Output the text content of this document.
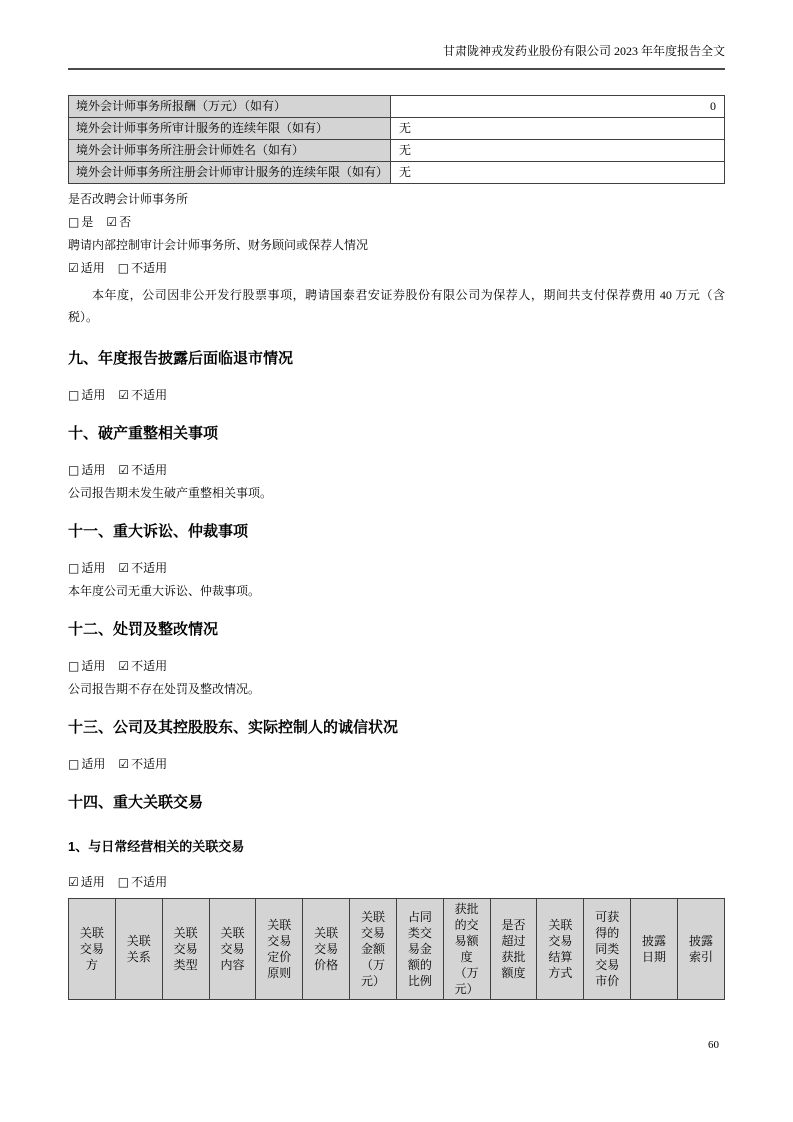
甘肃陇神戎发药业股份有限公司 2023 年年度报告全文
境外会计师事务所报酬（万元）（如有）	0
境外会计师事务所审计服务的连续年限（如有）	无
境外会计师事务所注册会计师姓名（如有）	无
境外会计师事务所注册会计师审计服务的连续年限（如有）	无

是否改聘会计师事务所

□ 是 ☑ 否

聘请内部控制审计会计师事务所、财务顾问或保荐人情况

☑ 适用 □ 不适用

本年度，公司因非公开发行股票事项，聘请国泰君安证券股份有限公司为保荐人，期间共支付保荐费用 40 万元（含税）。

九、年度报告披露后面临退市情况

□ 适用 ☑ 不适用

十、破产重整相关事项

□ 适用 ☑ 不适用

公司报告期未发生破产重整相关事项。

十一、重大诉讼、仲裁事项

□ 适用 ☑ 不适用

本年度公司无重大诉讼、仲裁事项。

十二、处罚及整改情况

□ 适用 ☑ 不适用

公司报告期不存在处罚及整改情况。

十三、公司及其控股股东、实际控制人的诚信状况

□ 适用 ☑ 不适用

十四、重大关联交易
1、与日常经营相关的关联交易

☑ 适用 □ 不适用

关联交易方	关联关系	关联交易类型	关联交易内容	关联交易定价原则	关联交易价格	关联交易金额（万元）	占同类交易金额的比例	获批的交易额度（万元）	是否超过获批额度	关联交易结算方式	可获得的同类交易市价	披露日期	披露索引
60
